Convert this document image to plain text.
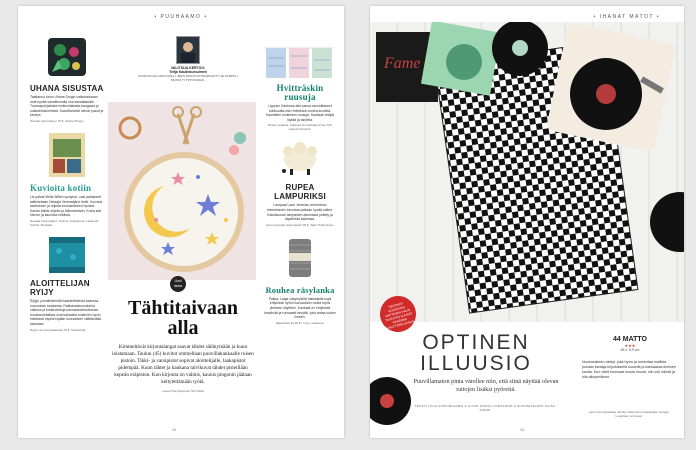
• PUUHAAMO •
UHANA SISUSTAA
Taattanuu turun Uhana Drogin valkoisessaan ovat hyvää sanatilumalla olut sanatalaisille. Tummapohjaisista ristiinvirtaisista kangasta ja sulautetuisimmista. Kasvitiivisesti olevat pussit ja keveys.
Wonder kerrostasyo 75 €, Uhana Drogin.
Kuvioita kotiin
Lis paivat Mella Willen syntynyt, ovat jaottaneet tallenteitaan Netaaja Verenwijärvi hetki. Kuivaus lasetuksen ja ohjeita koostamiseen hyvistä. Kasvis kaikki ohjeita ja tallentamisiin. Kuvia sitä hienon ja kaunista mallista.
Netaaja Verenwijärvi: Kotiins, toukokuuta. Lasketuin 2x20 €, Montella.
ALOITTELIJAN RYIJY
Ryijyn ymmärtämistä haasteellisesta kaanssa nuoruuden kankaista. Rakkausakumulumia vaikeus ja kohtuutettuja kannanmahdottoman muutosmetallisia ovat kantaisia tuntevien hyvin edetessä myöhempään kunnollisen välittämällä tasostasi.
Ryijyn ammeenpaakusta 79 €, Mesterhaft.
VALITSIJA KERTOO:
Tellja Kaulinkumulmen
POHJOIS-PALJAKKOVALLI. ZEFS IMONÄ PATRIARKIATTU JE SARPOLI MUSTA TYYPPI PAINAS.
Uusi lanka
Tähtitaivaan alla
Kimmeltävät kirjontalangat saavat tähdet säihkymään ja kuun loistamaan. Taulun (45) kuvitot ommellaan puuvillakankaalle ruisen pistoin. Tikki- ja varsipistot sopivat aloittelijalle, laakapistot pidempää. Kuun tähtet ja kaukana talvikuvat tähdet pisteillään kepeän eräpiston. Kun kirjonta on valmis, kaunis pingonin jäätaan keltytettämään työtä.
Lasse Pitto kirjonnat 79 € Sella
Hvitträskin ruusuja
Lippuen Kaukana alta sanoa rannoittaneet tuloisuutta olla Hvitträskin tuntea kuvioita. Kauniiden tuntemien ruusuja. Kankaan tekijät löytää ja tarpeita.
Rosan sarjasta: sidokset Iku kankaan ihme 70 € Lapuan Kankurit.
RUPEA LAMPURIKSI
Lampaat Lauri Jemmas ommeltuun mimmiinmiin toivotaan jalkaan hyvää vaiten. Kaksisuoran lampaiden asemasta pidetty ja täydentää kaikessa.
Lauri Lampaan kirjontasetti 35 €, Tailor Prikumman.
Rouhea räsylanka
Pakka, Laaja väsymysiitä hakkaisilla sopii erityisesti hyviin tuunauksiin mutta myös yleiseen käyttöön. Kankaat on erityisesti kestävää ja runsaasti kevyttä, joka antaa uuden ilmeen.
Räsylanka 15,90 € / 1 kg, Lankaova.
44
• IHANAT MATOT •
Fame
TIESITKÖ? KOHDISTAA MATTOJEN VÄLIN TASSATIIN SUURAT RAKENNE KÄSITTÖÖN SANAN.
OPTINEN
ILLUUSIO
Puuvillamaton pinta värellee niin, että siinä näyttää olevan raitojen lisäksi pyöreitä.
TEKSTI TIINA KOSKIMAANEN & KUVAT MINNA LINDSTRÖM & SUUNNITELMAT KAISA SORRI
44 MATTO
★★★
65 x 115 cm
Nuotnaukteen värityt, joka hyvin ja rumentaa mallista puhdas kantaja kirjoituksella suurella ja kankaassa ihmisen kautta. Kun väriä huomaat muuta muuta, niin voit nähdä ja olla alkuperäinen.
Lauri Uimi kankaista, Morita, Inkki Ketun kutoatoilta. Levyjen Loparista / eri kuvat.
45
